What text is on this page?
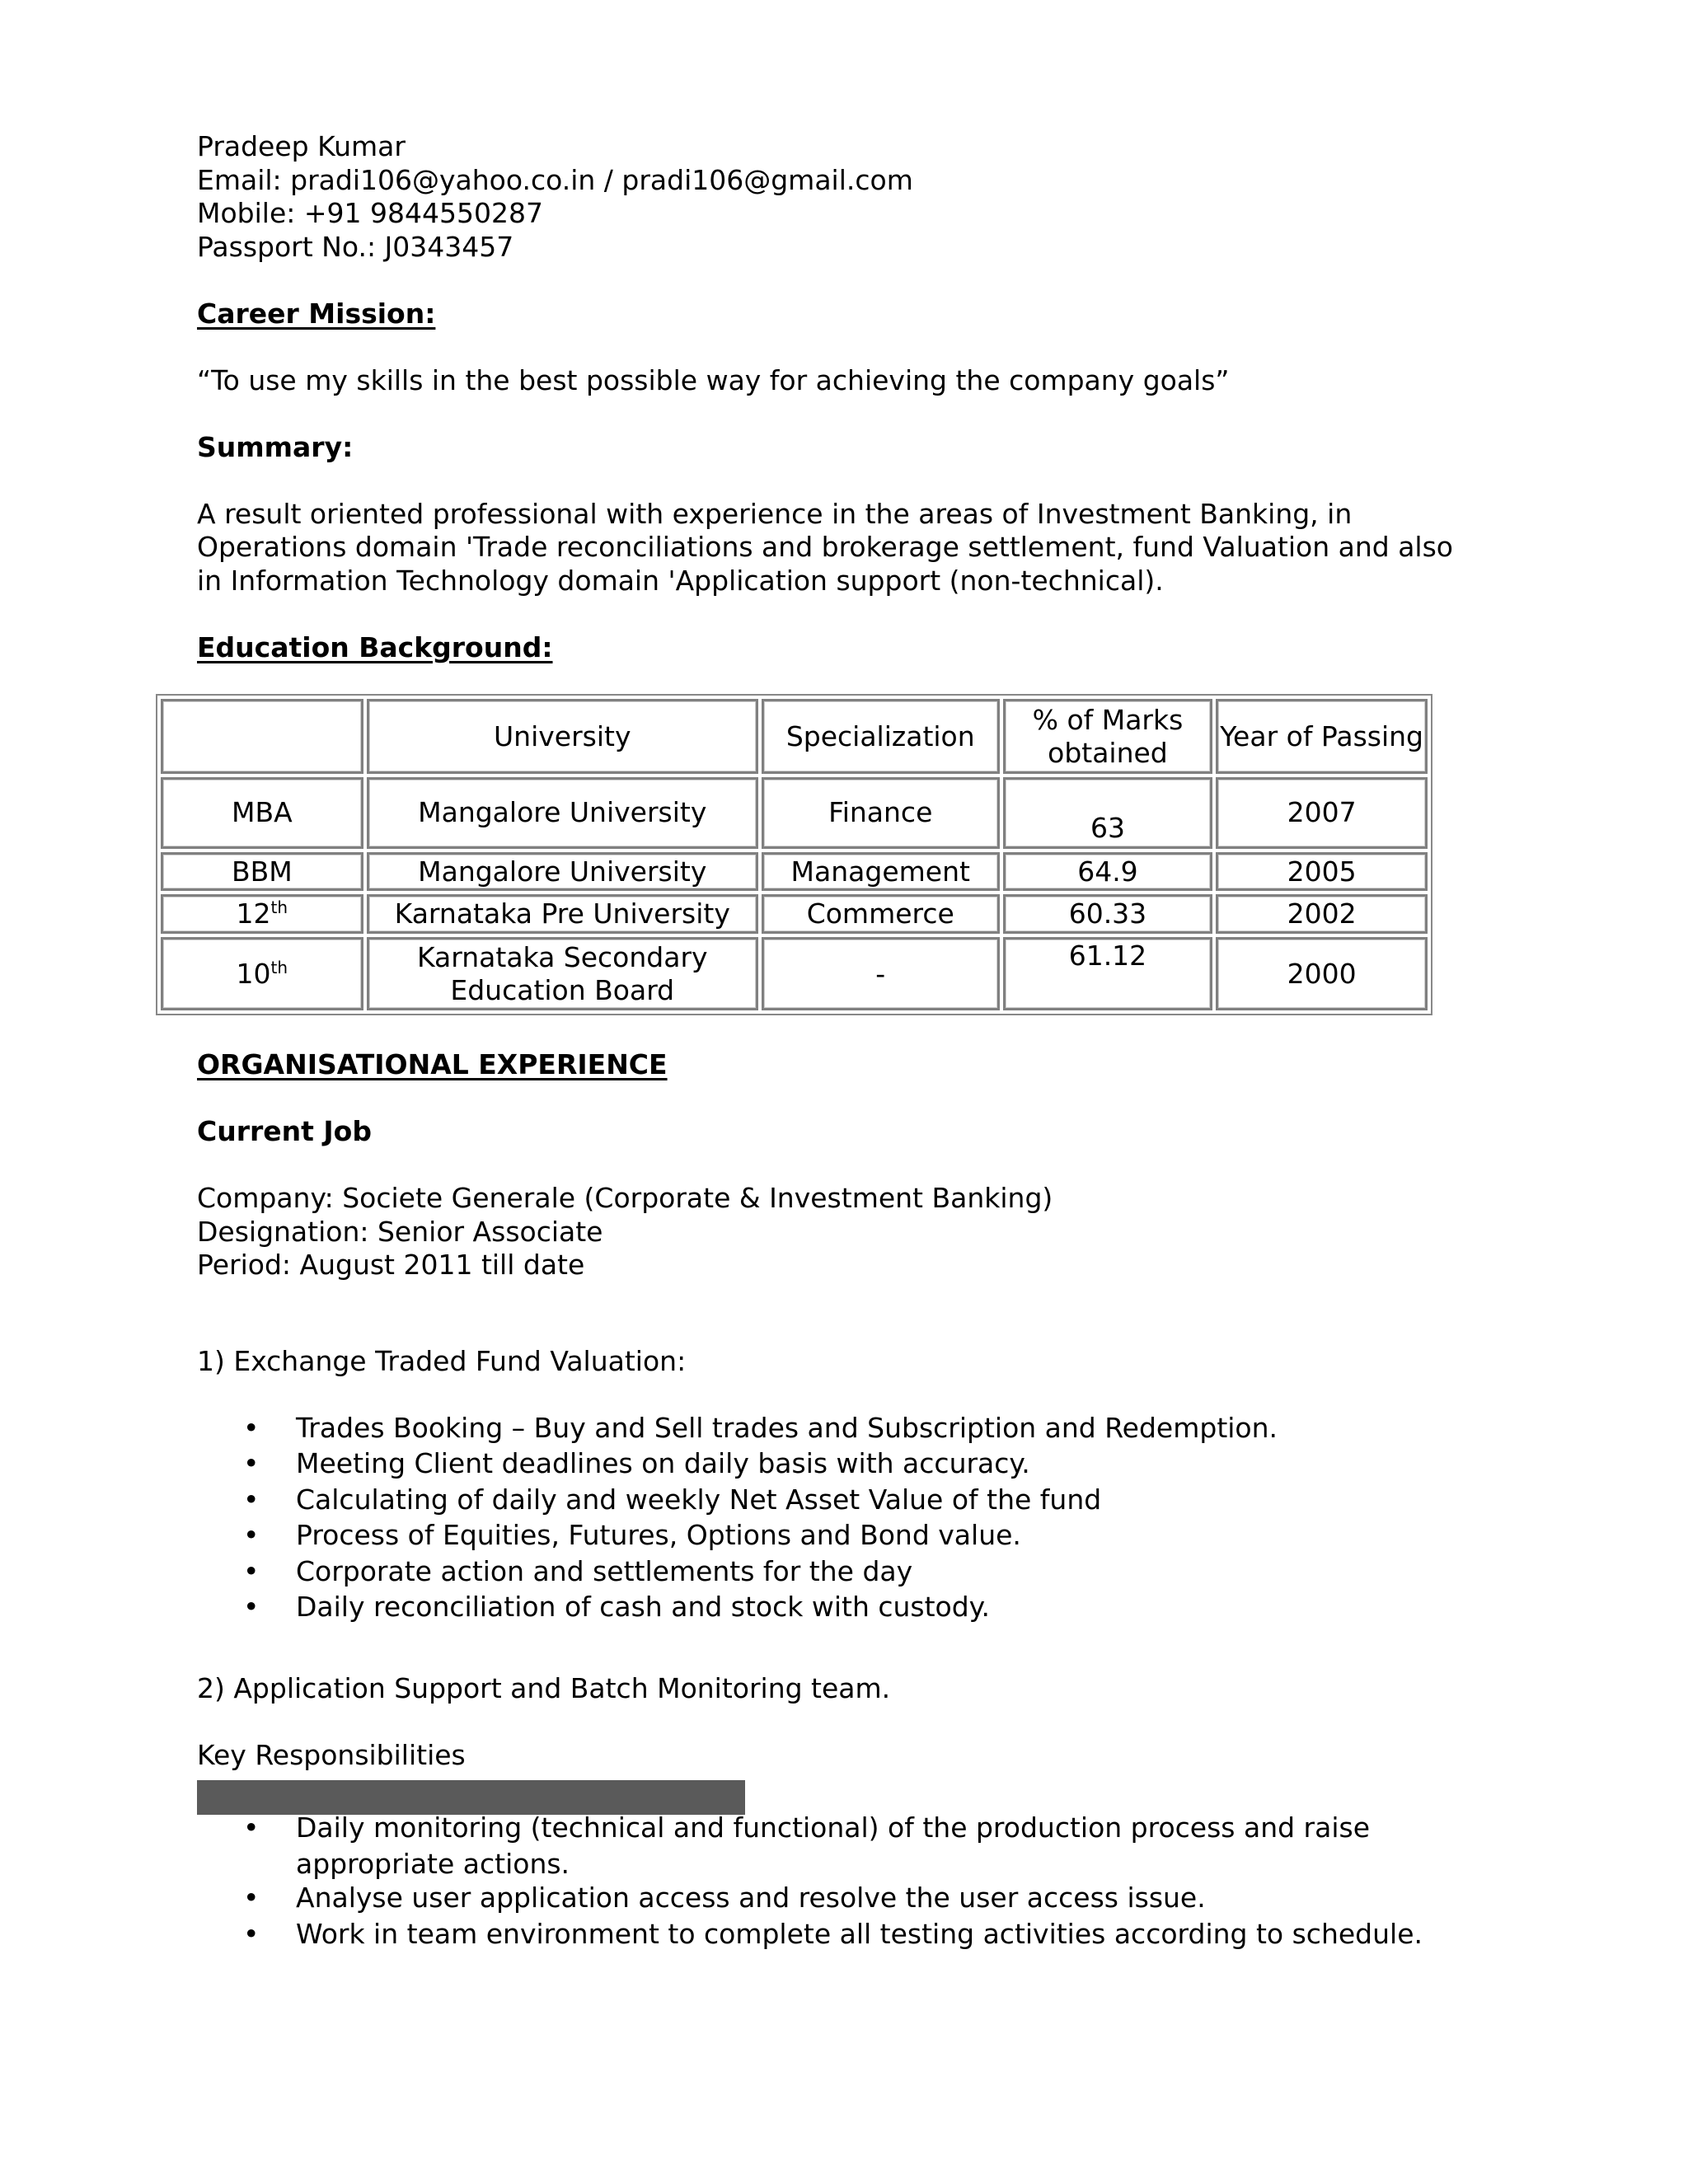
Pradeep Kumar
Email: pradi106@yahoo.co.in / pradi106@gmail.com
Mobile: +91 9844550287
Passport No.: J0343457
Career Mission:
“To use my skills in the best possible way for achieving the company goals”
Summary:
A result oriented professional with experience in the areas of Investment Banking, in
Operations domain 'Trade reconciliations and brokerage settlement, fund Valuation and also
in Information Technology domain 'Application support (non-technical).
Education Background:
	University	Specialization	% of Marks obtained	Year of Passing
MBA	Mangalore University	Finance	63	2007
BBM	Mangalore University	Management	64.9	2005
12th	Karnataka Pre University	Commerce	60.33	2002
10th	Karnataka Secondary Education Board	-	61.12	2000
ORGANISATIONAL EXPERIENCE
Current Job
Company: Societe Generale (Corporate & Investment Banking)
Designation: Senior Associate
Period: August 2011 till date
1) Exchange Traded Fund Valuation:
• Trades Booking – Buy and Sell trades and Subscription and Redemption.
• Meeting Client deadlines on daily basis with accuracy.
• Calculating of daily and weekly Net Asset Value of the fund
• Process of Equities, Futures, Options and Bond value.
• Corporate action and settlements for the day
• Daily reconciliation of cash and stock with custody.
2) Application Support and Batch Monitoring team.
Key Responsibilities
• Daily monitoring (technical and functional) of the production process and raise
appropriate actions.
• Analyse user application access and resolve the user access issue.
• Work in team environment to complete all testing activities according to schedule.
